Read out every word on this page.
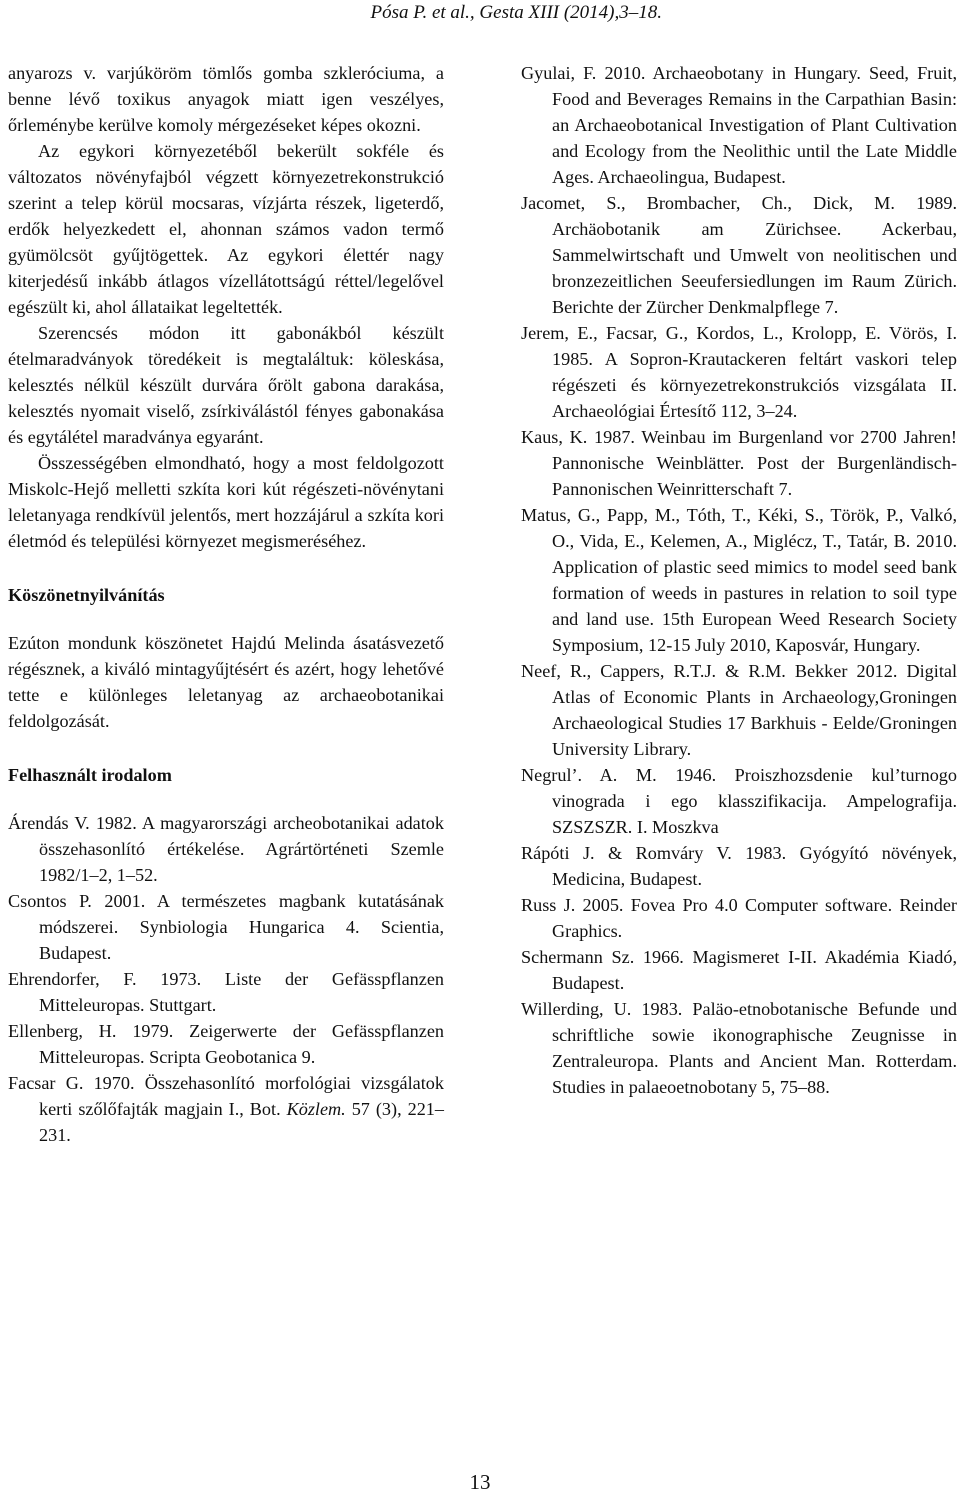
Pósa P. et al., Gesta XIII (2014),3–18.

anyarozs v. varjúköröm tömlős gomba szkleróciuma, a benne lévő toxikus anyagok miatt igen veszélyes, őrleménybe kerülve komoly mérgezéseket képes okozni.

Az egykori környezetéből bekerült sokféle és változatos növényfajból végzett környezetrekonstrukció szerint a telep körül mocsaras, vízjárta részek, ligeterdő, erdők helyezkedett el, ahonnan számos vadon termő gyümölcsöt gyűjtögettek. Az egykori élettér nagy kiterjedésű inkább átlagos vízellátottságú réttel/legelővel egészült ki, ahol állataikat legeltették.

Szerencsés módon itt gabonákból készült ételmaradványok töredékeit is megtaláltuk: köleskása, kelesztés nélkül készült durvára őrölt gabona darakása, kelesztés nyomait viselő, zsírkiválástól fényes gabonakása és egytálétel maradványa egyaránt.

Összességében elmondható, hogy a most feldolgozott Miskolc-Hejő melletti szkíta kori kút régészeti-növénytani leletanyaga rendkívül jelentős, mert hozzájárul a szkíta kori életmód és települési környezet megismeréséhez.

Köszönetnyilvánítás

Ezúton mondunk köszönetet Hajdú Melinda ásatásvezető régésznek, a kiváló mintagyűjtésért és azért, hogy lehetővé tette e különleges leletanyag az archaeobotanikai feldolgozását.

Felhasznált irodalom

Árendás V. 1982. A magyarországi archeobotanikai adatok összehasonlító értékelése. Agrártörténeti Szemle 1982/1–2, 1–52.

Csontos P. 2001. A természetes magbank kutatásának módszerei. Synbiologia Hungarica 4. Scientia, Budapest.

Ehrendorfer, F. 1973. Liste der Gefässpflanzen Mitteleuropas. Stuttgart.

Ellenberg, H. 1979. Zeigerwerte der Gefässpflanzen Mitteleuropas. Scripta Geobotanica 9.

Facsar G. 1970. Összehasonlító morfológiai vizsgálatok kerti szőlőfajták magjain I., Bot. Közlem. 57 (3), 221–231.

Gyulai, F. 2010. Archaeobotany in Hungary. Seed, Fruit, Food and Beverages Remains in the Carpathian Basin: an Archaeobotanical Investigation of Plant Cultivation and Ecology from the Neolithic until the Late Middle Ages. Archaeolingua, Budapest.

Jacomet, S., Brombacher, Ch., Dick, M. 1989. Archäobotanik am Zürichsee. Ackerbau, Sammelwirtschaft und Umwelt von neolitischen und bronzezeitlichen Seeufersiedlungen im Raum Zürich. Berichte der Zürcher Denkmalpflege 7.

Jerem, E., Facsar, G., Kordos, L., Krolopp, E. Vörös, I. 1985. A Sopron-Krautackeren feltárt vaskori telep régészeti és környezetrekonstrukciós vizsgálata II. Archaeológiai Értesítő 112, 3–24.

Kaus, K. 1987. Weinbau im Burgenland vor 2700 Jahren! Pannonische Weinblätter. Post der Burgenländisch- Pannonischen Weinritterschaft 7.

Matus, G., Papp, M., Tóth, T., Kéki, S., Török, P., Valkó, O., Vida, E., Kelemen, A., Miglécz, T., Tatár, B. 2010. Application of plastic seed mimics to model seed bank formation of weeds in pastures in relation to soil type and land use. 15th European Weed Research Society Symposium, 12-15 July 2010, Kaposvár, Hungary.

Neef, R., Cappers, R.T.J. & R.M. Bekker 2012. Digital Atlas of Economic Plants in Archaeology,Groningen Archaeological Studies 17 Barkhuis - Eelde/Groningen University Library.

Negrul’. A. M. 1946. Proiszhozsdenie kul’turnogo vinograda i ego klasszifikacija. Ampelografija. SZSZSZR. I. Moszkva

Rápóti J. & Romváry V. 1983. Gyógyító növények, Medicina, Budapest.

Russ J. 2005. Fovea Pro 4.0 Computer software. Reinder Graphics.

Schermann Sz. 1966. Magismeret I-II. Akadémia Kiadó, Budapest.

Willerding, U. 1983. Paläo-etnobotanische Befunde und schriftliche sowie ikonographische Zeugnisse in Zentraleuropa. Plants and Ancient Man. Rotterdam. Studies in palaeoetnobotany 5, 75–88.

13
